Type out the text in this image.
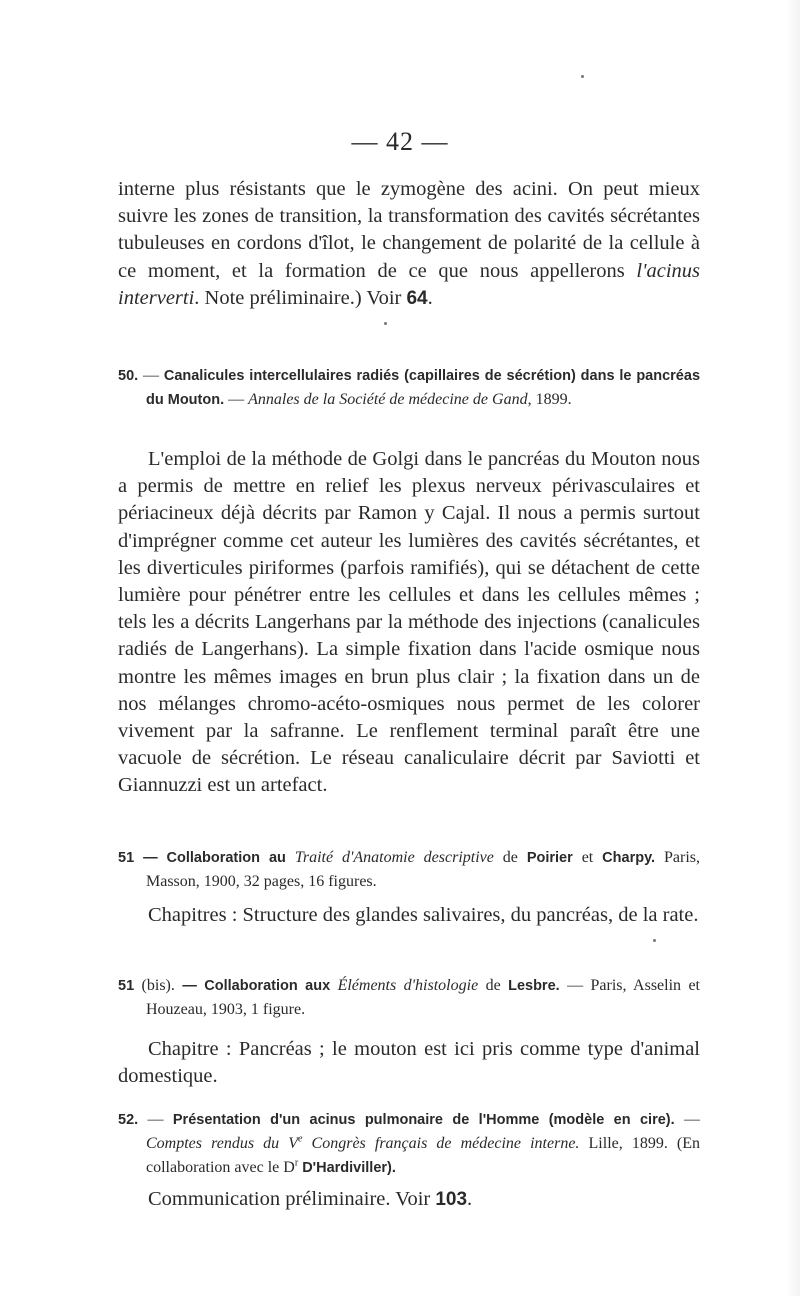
— 42 —

interne plus résistants que le zymogène des acini. On peut mieux suivre les zones de transition, la transformation des cavités sécrétantes tubuleuses en cordons d'îlot, le changement de polarité de la cellule à ce moment, et la formation de ce que nous appellerons l'acinus interverti. Note préliminaire.) Voir 64.

50. — Canalicules intercellulaires radiés (capillaires de sécrétion) dans le pancréas du Mouton. — Annales de la Société de médecine de Gand, 1899.

L'emploi de la méthode de Golgi dans le pancréas du Mouton nous a permis de mettre en relief les plexus nerveux périvasculaires et périacineux déjà décrits par Ramon y Cajal. Il nous a permis surtout d'imprégner comme cet auteur les lumières des cavités sécrétantes, et les diverticules piriformes (parfois ramifiés), qui se détachent de cette lumière pour pénétrer entre les cellules et dans les cellules mêmes ; tels les a décrits Langerhans par la méthode des injections (canalicules radiés de Langerhans). La simple fixation dans l'acide osmique nous montre les mêmes images en brun plus clair ; la fixation dans un de nos mélanges chromo-acéto-osmiques nous permet de les colorer vivement par la safranne. Le renflement terminal paraît être une vacuole de sécrétion. Le réseau canaliculaire décrit par Saviotti et Giannuzzi est un artefact.

51 — Collaboration au Traité d'Anatomie descriptive de Poirier et Charpy. Paris, Masson, 1900, 32 pages, 16 figures.

Chapitres : Structure des glandes salivaires, du pancréas, de la rate.

51 (bis). — Collaboration aux Éléments d'histologie de Lesbre. — Paris, Asselin et Houzeau, 1903, 1 figure.

Chapitre : Pancréas ; le mouton est ici pris comme type d'animal domestique.

52. — Présentation d'un acinus pulmonaire de l'Homme (modèle en cire). — Comptes rendus du Ve Congrès français de médecine interne. Lille, 1899. (En collaboration avec le $D^r$ D'Hardiviller).

Communication préliminaire. Voir 103.
